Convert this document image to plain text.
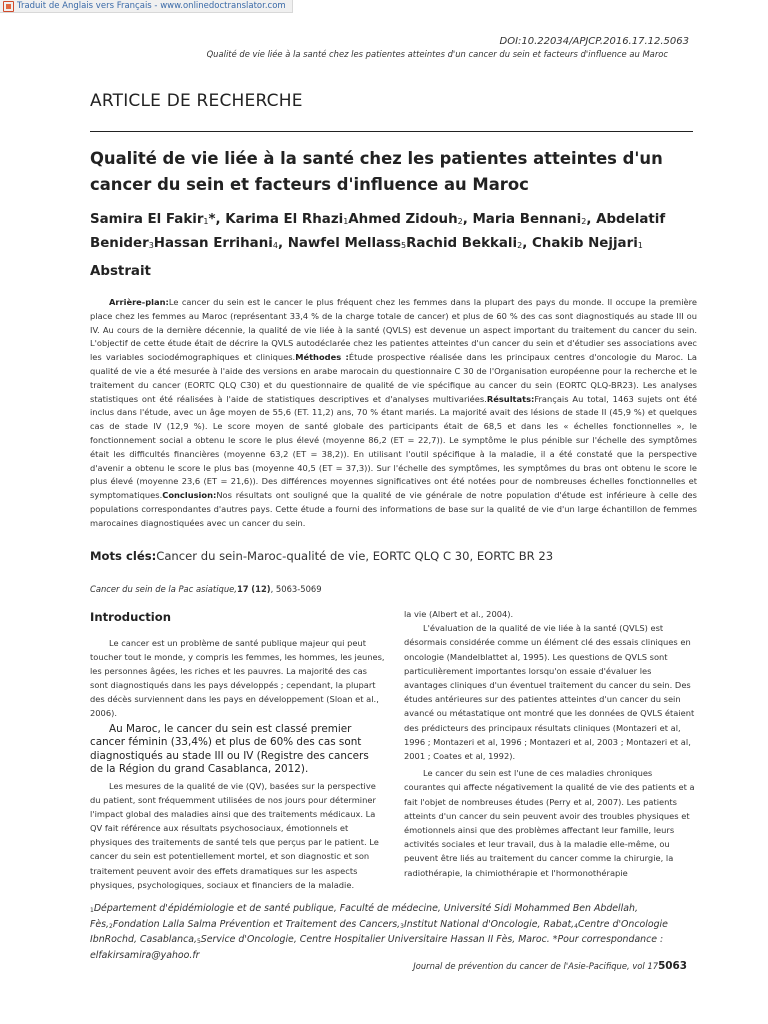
Traduit de Anglais vers Français - www.onlinedoctranslator.com
DOI:10.22034/APJCP.2016.17.12.5063
Qualité de vie liée à la santé chez les patientes atteintes d'un cancer du sein et facteurs d'influence au Maroc
ARTICLE DE RECHERCHE
Qualité de vie liée à la santé chez les patientes atteintes d'un cancer du sein et facteurs d'influence au Maroc
Samira El Fakir$_1$*, Karima El Rhazi$_1$Ahmed Zidouh$_2$, Maria Bennani$_2$, Abdelatif Benider$_3$Hassan Errihani$_4$, Nawfel Mellass$_5$Rachid Bekkali$_2$, Chakib Nejjari$_1$
Abstrait
Arrière-plan:Le cancer du sein est le cancer le plus fréquent chez les femmes dans la plupart des pays du monde. Il occupe la première place chez les femmes au Maroc (représentant 33,4 % de la charge totale de cancer) et plus de 60 % des cas sont diagnostiqués au stade III ou IV. Au cours de la dernière décennie, la qualité de vie liée à la santé (QVLS) est devenue un aspect important du traitement du cancer du sein. L'objectif de cette étude était de décrire la QVLS autodéclarée chez les patientes atteintes d'un cancer du sein et d'étudier ses associations avec les variables sociodémographiques et cliniques.Méthodes :Étude prospective réalisée dans les principaux centres d'oncologie du Maroc. La qualité de vie a été mesurée à l'aide des versions en arabe marocain du questionnaire C 30 de l'Organisation européenne pour la recherche et le traitement du cancer (EORTC QLQ C30) et du questionnaire de qualité de vie spécifique au cancer du sein (EORTC QLQ-BR23). Les analyses statistiques ont été réalisées à l'aide de statistiques descriptives et d'analyses multivariées.Résultats:Français Au total, 1463 sujets ont été inclus dans l'étude, avec un âge moyen de 55,6 (ET. 11,2) ans, 70 % étant mariés. La majorité avait des lésions de stade II (45,9 %) et quelques cas de stade IV (12,9 %). Le score moyen de santé globale des participants était de 68,5 et dans les « échelles fonctionnelles », le fonctionnement social a obtenu le score le plus élevé (moyenne 86,2 (ET = 22,7)). Le symptôme le plus pénible sur l'échelle des symptômes était les difficultés financières (moyenne 63,2 (ET = 38,2)). En utilisant l'outil spécifique à la maladie, il a été constaté que la perspective d'avenir a obtenu le score le plus bas (moyenne 40,5 (ET = 37,3)). Sur l'échelle des symptômes, les symptômes du bras ont obtenu le score le plus élevé (moyenne 23,6 (ET = 21,6)). Des différences moyennes significatives ont été notées pour de nombreuses échelles fonctionnelles et symptomatiques.Conclusion:Nos résultats ont souligné que la qualité de vie générale de notre population d'étude est inférieure à celle des populations correspondantes d'autres pays. Cette étude a fourni des informations de base sur la qualité de vie d'un large échantillon de femmes marocaines diagnostiquées avec un cancer du sein.
Mots clés:Cancer du sein-Maroc-qualité de vie, EORTC QLQ C 30, EORTC BR 23
Cancer du sein de la Pac asiatique,17 (12), 5063-5069
Introduction

Le cancer est un problème de santé publique majeur qui peut toucher tout le monde, y compris les femmes, les hommes, les jeunes, les personnes âgées, les riches et les pauvres. La majorité des cas sont diagnostiqués dans les pays développés ; cependant, la plupart des décès surviennent dans les pays en développement (Sloan et al., 2006).

Au Maroc, le cancer du sein est classé premier cancer féminin (33,4%) et plus de 60% des cas sont diagnostiqués au stade III ou IV (Registre des cancers de la Région du grand Casablanca, 2012).

Les mesures de la qualité de vie (QV), basées sur la perspective du patient, sont fréquemment utilisées de nos jours pour déterminer l'impact global des maladies ainsi que des traitements médicaux. La QV fait référence aux résultats psychosociaux, émotionnels et physiques des traitements de santé tels que perçus par le patient. Le cancer du sein est potentiellement mortel, et son diagnostic et son traitement peuvent avoir des effets dramatiques sur les aspects physiques, psychologiques, sociaux et financiers de la maladie.

la vie (Albert et al., 2004).

L'évaluation de la qualité de vie liée à la santé (QVLS) est désormais considérée comme un élément clé des essais cliniques en oncologie (Mandelblattet al, 1995). Les questions de QVLS sont particulièrement importantes lorsqu'on essaie d'évaluer les avantages cliniques d'un éventuel traitement du cancer du sein. Des études antérieures sur des patientes atteintes d'un cancer du sein avancé ou métastatique ont montré que les données de QVLS étaient des prédicteurs des principaux résultats cliniques (Montazeri et al, 1996 ; Montazeri et al, 1996 ; Montazeri et al, 2003 ; Montazeri et al, 2001 ; Coates et al, 1992).

Le cancer du sein est l'une de ces maladies chroniques courantes qui affecte négativement la qualité de vie des patients et a fait l'objet de nombreuses études (Perry et al, 2007). Les patients atteints d'un cancer du sein peuvent avoir des troubles physiques et émotionnels ainsi que des problèmes affectant leur famille, leurs activités sociales et leur travail, dus à la maladie elle-même, ou peuvent être liés au traitement du cancer comme la chirurgie, la radiothérapie, la chimiothérapie et l'hormonothérapie

$_1$Département d'épidémiologie et de santé publique, Faculté de médecine, Université Sidi Mohammed Ben Abdellah, $Fès,_2Fondation$ Lalla Salma Prévention et Traitement des $Cancers,_3Institut$ National d'Oncologie, $Rabat,_4Centre$ d'Oncologie IbnRochd, $Casablanca,_5Service$ d'Oncologie, Centre Hospitalier Universitaire Hassan II Fès, Maroc. *Pour correspondance : elfakirsamira@yahoo.fr
Journal de prévention du cancer de l'Asie-Pacifique, vol 175063
